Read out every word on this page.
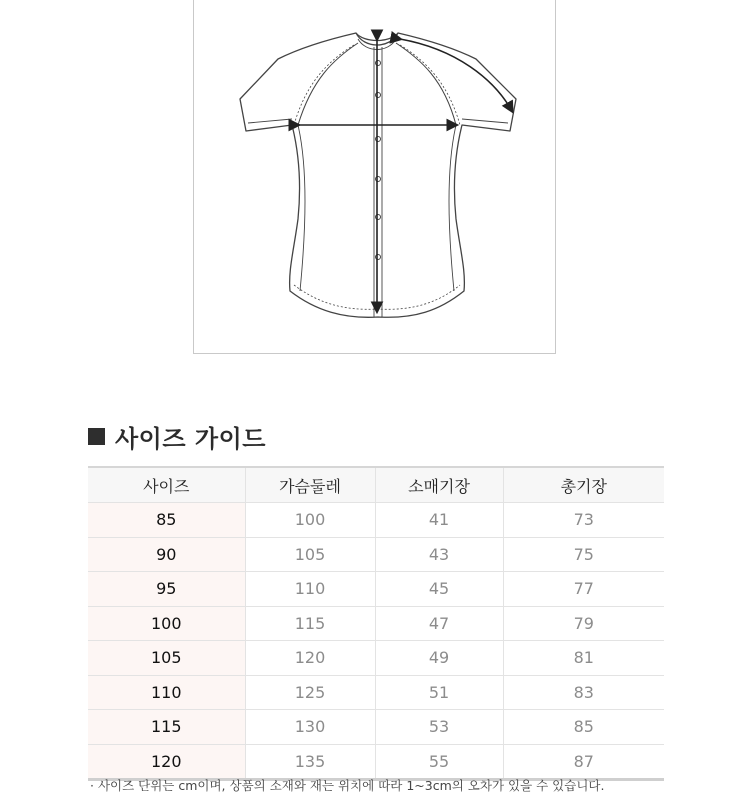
사이즈 가이드
사이즈	가슴둘레	소매기장	총기장
85	100	41	73
90	105	43	75
95	110	45	77
100	115	47	79
105	120	49	81
110	125	51	83
115	130	53	85
120	135	55	87
· 사이즈 단위는 cm이며, 상품의 소재와 재는 위치에 따라 1~3cm의 오차가 있을 수 있습니다.
